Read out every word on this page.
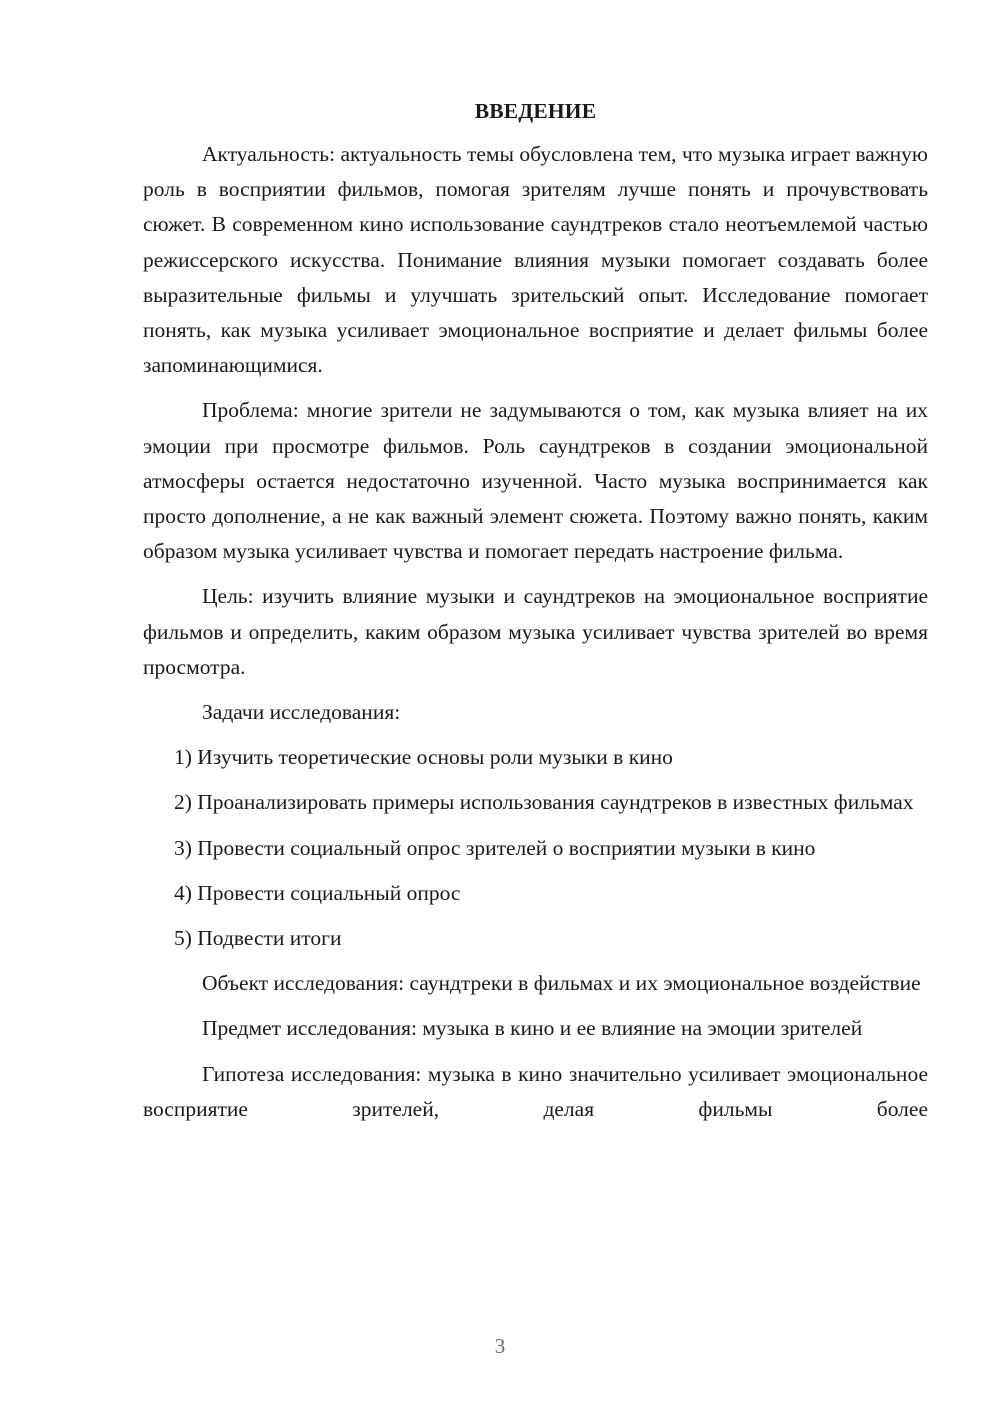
ВВЕДЕНИЕ

Актуальность: актуальность темы обусловлена тем, что музыка играет важную роль в восприятии фильмов, помогая зрителям лучше понять и прочувствовать сюжет. В современном кино использование саундтреков стало неотъемлемой частью режиссерского искусства. Понимание влияния музыки помогает создавать более выразительные фильмы и улучшать зрительский опыт. Исследование помогает понять, как музыка усиливает эмоциональное восприятие и делает фильмы более запоминающимися.

Проблема: многие зрители не задумываются о том, как музыка влияет на их эмоции при просмотре фильмов. Роль саундтреков в создании эмоциональной атмосферы остается недостаточно изученной. Часто музыка воспринимается как просто дополнение, а не как важный элемент сюжета. Поэтому важно понять, каким образом музыка усиливает чувства и помогает передать настроение фильма.

Цель: изучить влияние музыки и саундтреков на эмоциональное восприятие фильмов и определить, каким образом музыка усиливает чувства зрителей во время просмотра.

Задачи исследования:

1) Изучить теоретические основы роли музыки в кино

2) Проанализировать примеры использования саундтреков в известных фильмах

3) Провести социальный опрос зрителей о восприятии музыки в кино

4) Провести социальный опрос

5) Подвести итоги

Объект исследования: саундтреки в фильмах и их эмоциональное воздействие

Предмет исследования: музыка в кино и ее влияние на эмоции зрителей

Гипотеза исследования: музыка в кино значительно усиливает эмоциональное восприятие зрителей, делая фильмы более

3
